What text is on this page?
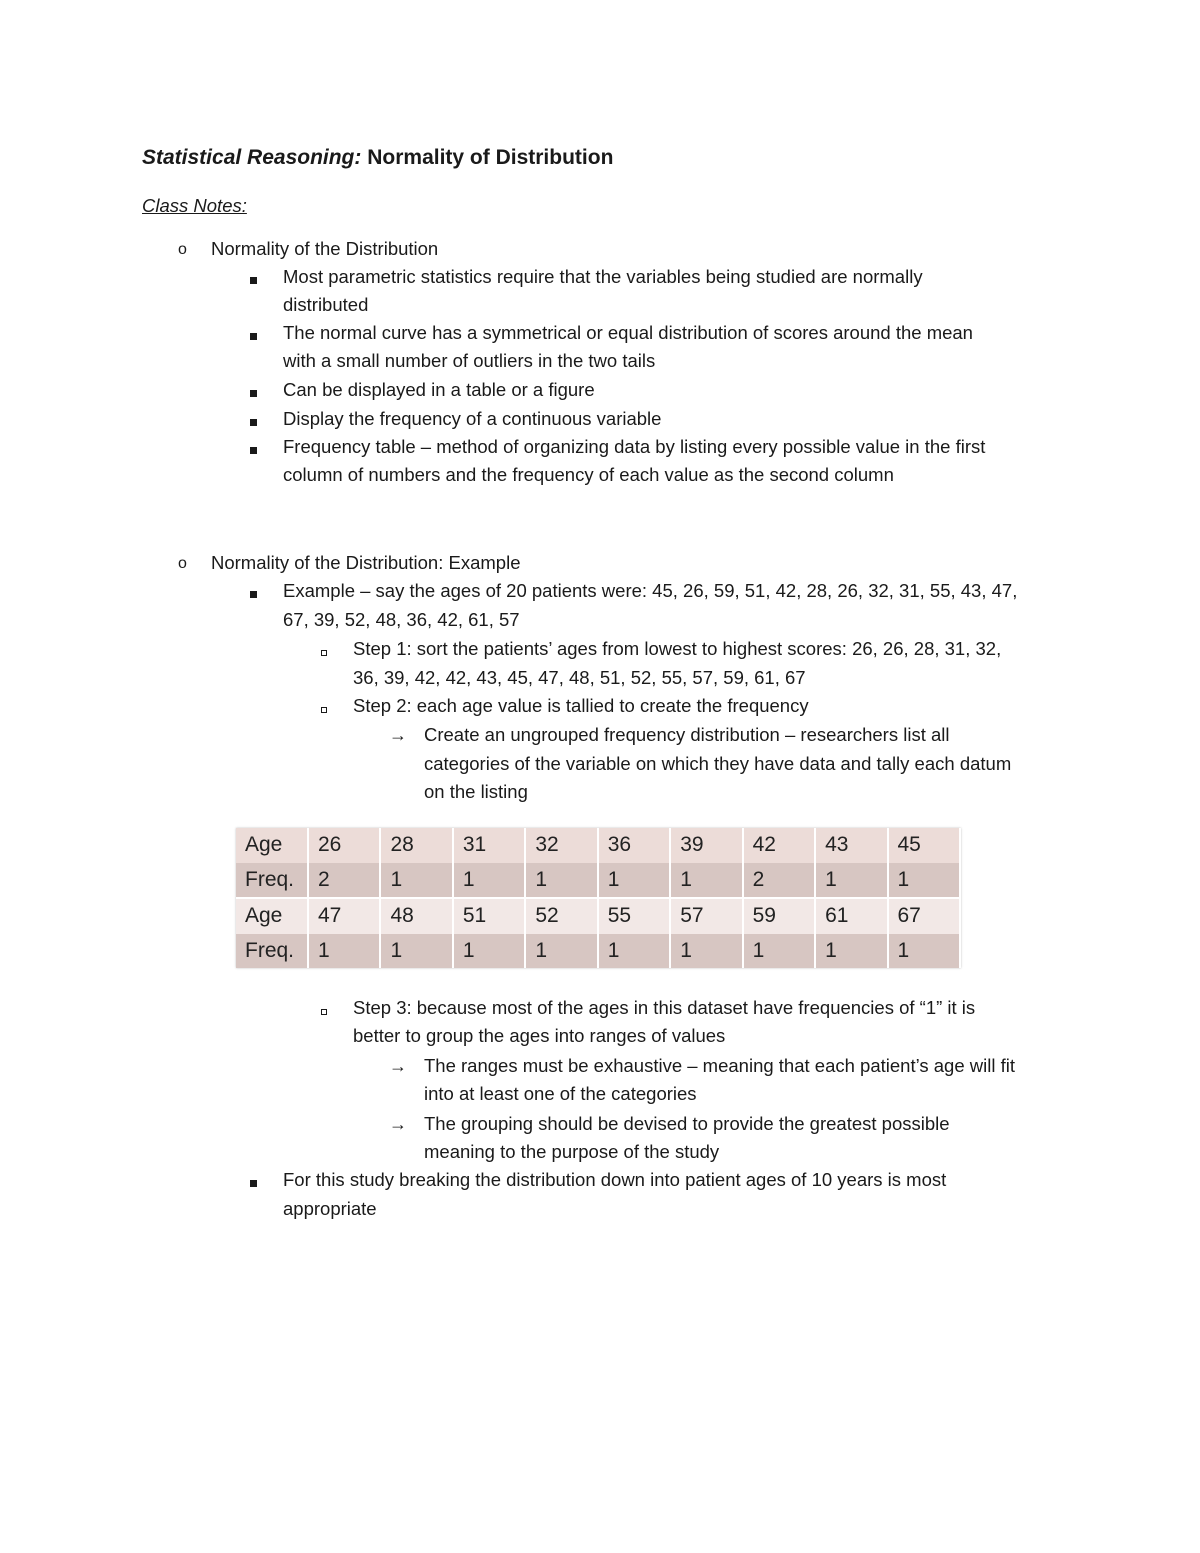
Statistical Reasoning: Normality of Distribution
Class Notes:
o Normality of the Distribution
Most parametric statistics require that the variables being studied are normally
distributed
The normal curve has a symmetrical or equal distribution of scores around the mean
with a small number of outliers in the two tails
Can be displayed in a table or a figure
Display the frequency of a continuous variable
Frequency table – method of organizing data by listing every possible value in the first
column of numbers and the frequency of each value as the second column
o Normality of the Distribution: Example
Example – say the ages of 20 patients were: 45, 26, 59, 51, 42, 28, 26, 32, 31, 55, 43, 47,
67, 39, 52, 48, 36, 42, 61, 57
Step 1: sort the patients’ ages from lowest to highest scores: 26, 26, 28, 31, 32,
36, 39, 42, 42, 43, 45, 47, 48, 51, 52, 55, 57, 59, 61, 67
Step 2: each age value is tallied to create the frequency
→ Create an ungrouped frequency distribution – researchers list all
categories of the variable on which they have data and tally each datum
on the listing
Age	26	28	31	32	36	39	42	43	45
Freq.	2	1	1	1	1	1	2	1	1
Age	47	48	51	52	55	57	59	61	67
Freq.	1	1	1	1	1	1	1	1	1
Step 3: because most of the ages in this dataset have frequencies of “1” it is
better to group the ages into ranges of values
→ The ranges must be exhaustive – meaning that each patient’s age will fit
into at least one of the categories
→ The grouping should be devised to provide the greatest possible
meaning to the purpose of the study
For this study breaking the distribution down into patient ages of 10 years is most
appropriate
